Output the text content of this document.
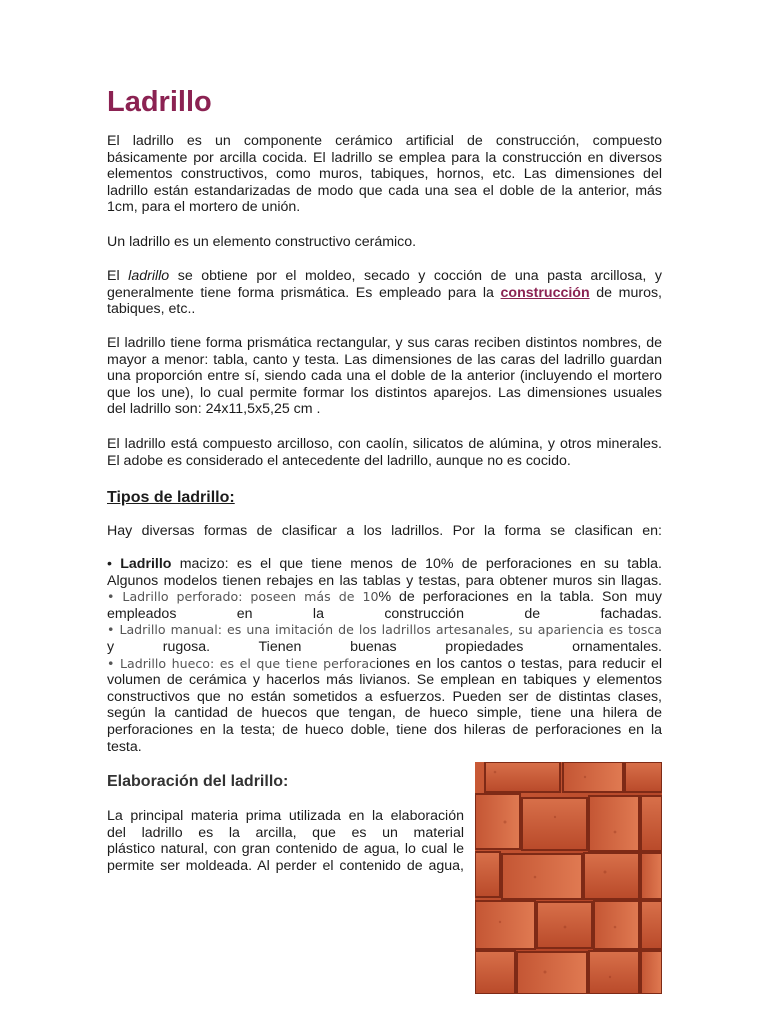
Ladrillo

El ladrillo es un componente cerámico artificial de construcción, compuesto
básicamente por arcilla cocida. El ladrillo se emplea para la construcción en diversos
elementos constructivos, como muros, tabiques, hornos, etc. Las dimensiones del
ladrillo están estandarizadas de modo que cada una sea el doble de la anterior, más
1cm, para el mortero de unión.

Un ladrillo es un elemento constructivo cerámico.

El ladrillo se obtiene por el moldeo, secado y cocción de una pasta arcillosa, y
generalmente tiene forma prismática. Es empleado para la construcción de muros,
tabiques, etc..

El ladrillo tiene forma prismática rectangular, y sus caras reciben distintos nombres, de
mayor a menor: tabla, canto y testa. Las dimensiones de las caras del ladrillo guardan
una proporción entre sí, siendo cada una el doble de la anterior (incluyendo el mortero
que los une), lo cual permite formar los distintos aparejos. Las dimensiones usuales
del ladrillo son: 24x11,5x5,25 cm .

El ladrillo está compuesto arcilloso, con caolín, silicatos de alúmina, y otros minerales.
El adobe es considerado el antecedente del ladrillo, aunque no es cocido.

Tipos de ladrillo:

Hay diversas formas de clasificar a los ladrillos. Por la forma se clasifican en:

• Ladrillo macizo: es el que tiene menos de 10% de perforaciones en su tabla.
Algunos modelos tienen rebajes en las tablas y testas, para obtener muros sin llagas.
• Ladrillo perforado: poseen más de 10% de perforaciones en la tabla. Son muy
empleados en la construcción de fachadas.
• Ladrillo manual: es una imitación de los ladrillos artesanales, su apariencia es tosca
y rugosa. Tienen buenas propiedades ornamentales.
• Ladrillo hueco: es el que tiene perforaciones en los cantos o testas, para reducir el
volumen de cerámica y hacerlos más livianos. Se emplean en tabiques y elementos
constructivos que no están sometidos a esfuerzos. Pueden ser de distintas clases,
según la cantidad de huecos que tengan, de hueco simple, tiene una hilera de
perforaciones en la testa; de hueco doble, tiene dos hileras de perforaciones en la
testa.

Elaboración del ladrillo:

La principal materia prima utilizada en la elaboración
del ladrillo es la arcilla, que es un material
plástico natural, con gran contenido de agua, lo cual le
permite ser moldeada. Al perder el contenido de agua,
